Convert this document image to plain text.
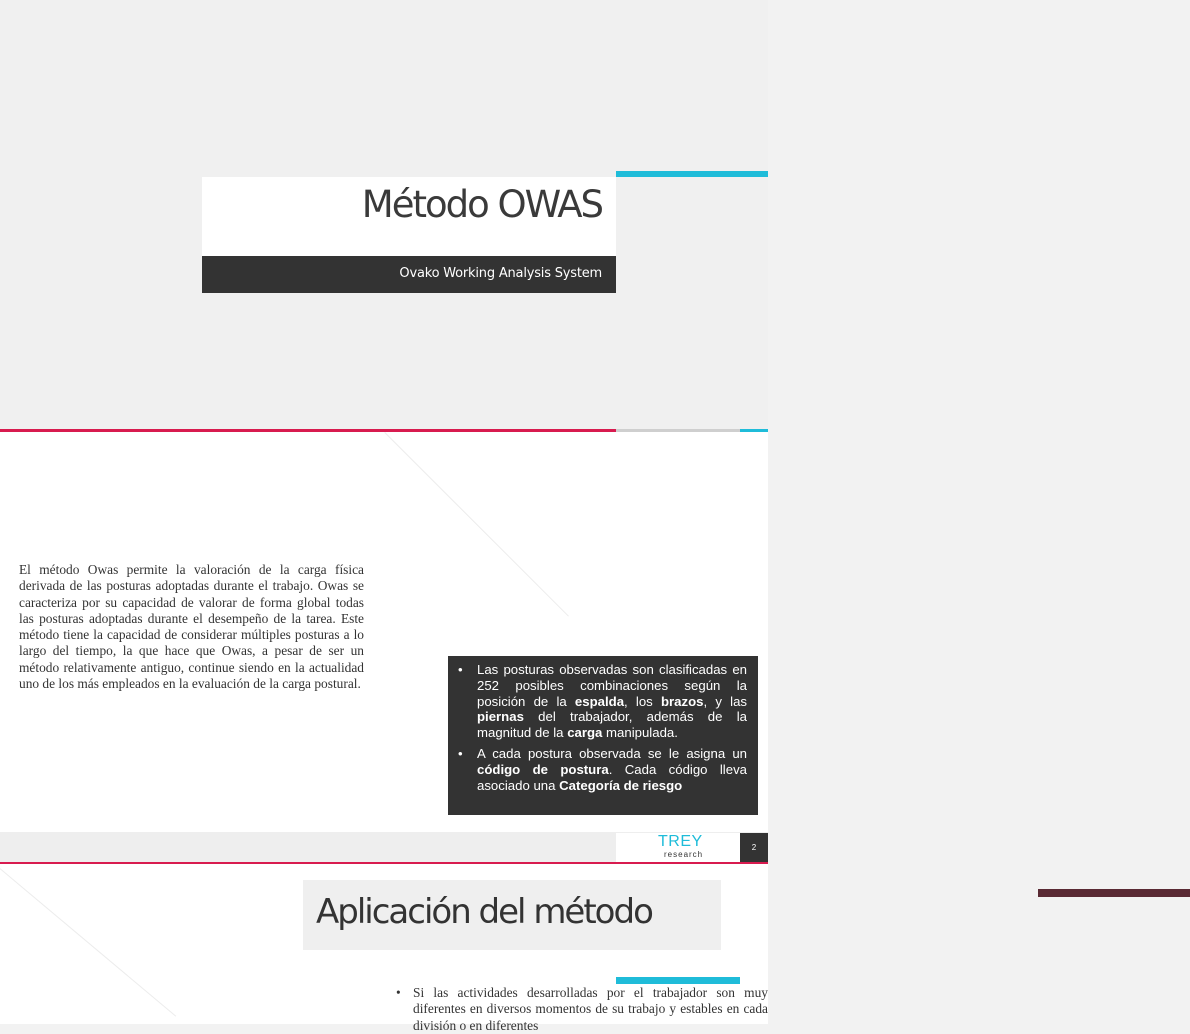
Método OWAS
Ovako Working Analysis System

El método Owas permite la valoración de la carga física derivada de las posturas adoptadas durante el trabajo. Owas se caracteriza por su capacidad de valorar de forma global todas las posturas adoptadas durante el desempeño de la tarea. Este método tiene la capacidad de considerar múltiples posturas a lo largo del tiempo, la que hace que Owas, a pesar de ser un método relativamente antiguo, continue siendo en la actualidad uno de los más empleados en la evaluación de la carga postural.

• Las posturas observadas son clasificadas en 252 posibles combinaciones según la posición de la espalda, los brazos, y las piernas del trabajador, además de la magnitud de la carga manipulada.
• A cada postura observada se le asigna un código de postura. Cada código lleva asociado una Categoría de riesgo
TREY
research
2
Aplicación del método
• Si las actividades desarrolladas por el trabajador son muy diferentes en diversos momentos de su trabajo y estables en cada división o en diferentes
